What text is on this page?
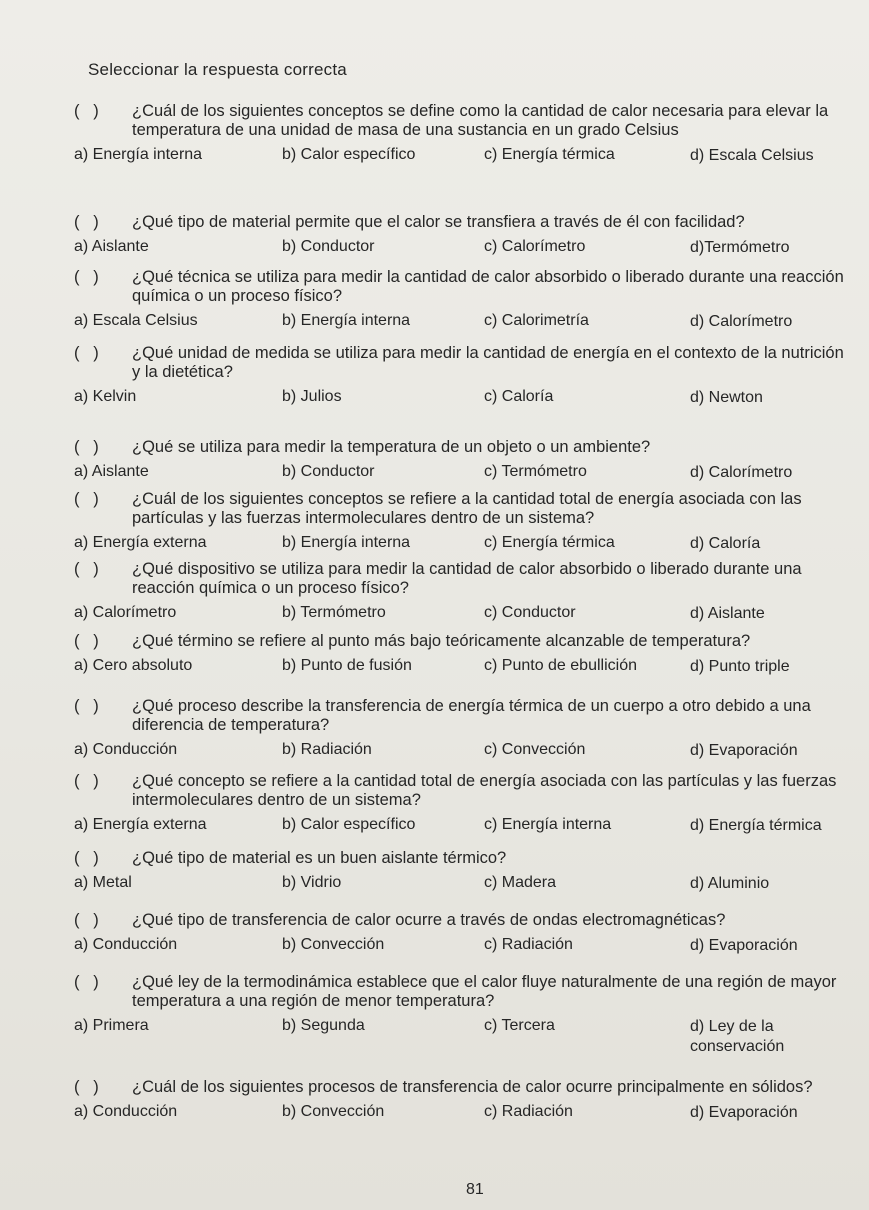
Seleccionar la respuesta correcta
(   )	¿Cuál de los siguientes conceptos se define como la cantidad de calor necesaria para elevar la temperatura de una unidad de masa de una sustancia en un grado Celsius
a) Energía interna	b) Calor específico	c) Energía térmica	d) Escala Celsius
(   )	¿Qué tipo de material permite que el calor se transfiera a través de él con facilidad?
a) Aislante	b) Conductor	c) Calorímetro	d)Termómetro
(   )	¿Qué técnica se utiliza para medir la cantidad de calor absorbido o liberado durante una reacción química o un proceso físico?
a) Escala Celsius	b) Energía interna	c) Calorimetría	d) Calorímetro
(   )	¿Qué unidad de medida se utiliza para medir la cantidad de energía en el contexto de la nutrición y la dietética?
a) Kelvin	b) Julios	c) Caloría	d) Newton
(   )	¿Qué se utiliza para medir la temperatura de un objeto o un ambiente?
a) Aislante	b) Conductor	c) Termómetro	d) Calorímetro
(   )	¿Cuál de los siguientes conceptos se refiere a la cantidad total de energía asociada con las partículas y las fuerzas intermoleculares dentro de un sistema?
a) Energía externa	b) Energía interna	c) Energía térmica	d) Caloría
(   )	¿Qué dispositivo se utiliza para medir la cantidad de calor absorbido o liberado durante una reacción química o un proceso físico?
a) Calorímetro	b) Termómetro	c) Conductor	d) Aislante
(   )	¿Qué término se refiere al punto más bajo teóricamente alcanzable de temperatura?
a) Cero absoluto	b) Punto de fusión	c) Punto de ebullición	d) Punto triple
(   )	¿Qué proceso describe la transferencia de energía térmica de un cuerpo a otro debido a una diferencia de temperatura?
a) Conducción	b) Radiación	c) Convección	d) Evaporación
(   )	¿Qué concepto se refiere a la cantidad total de energía asociada con las partículas y las fuerzas intermoleculares dentro de un sistema?
a) Energía externa	b) Calor específico	c) Energía interna	d) Energía térmica
(   )	¿Qué tipo de material es un buen aislante térmico?
a) Metal	b) Vidrio	c) Madera	d) Aluminio
(   )	¿Qué tipo de transferencia de calor ocurre a través de ondas electromagnéticas?
a) Conducción	b) Convección	c) Radiación	d) Evaporación
(   )	¿Qué ley de la termodinámica establece que el calor fluye naturalmente de una región de mayor temperatura a una región de menor temperatura?
a) Primera	b) Segunda	c) Tercera	d) Ley de la conservación
(   )	¿Cuál de los siguientes procesos de transferencia de calor ocurre principalmente en sólidos?
a) Conducción	b) Convección	c) Radiación	d) Evaporación
81
